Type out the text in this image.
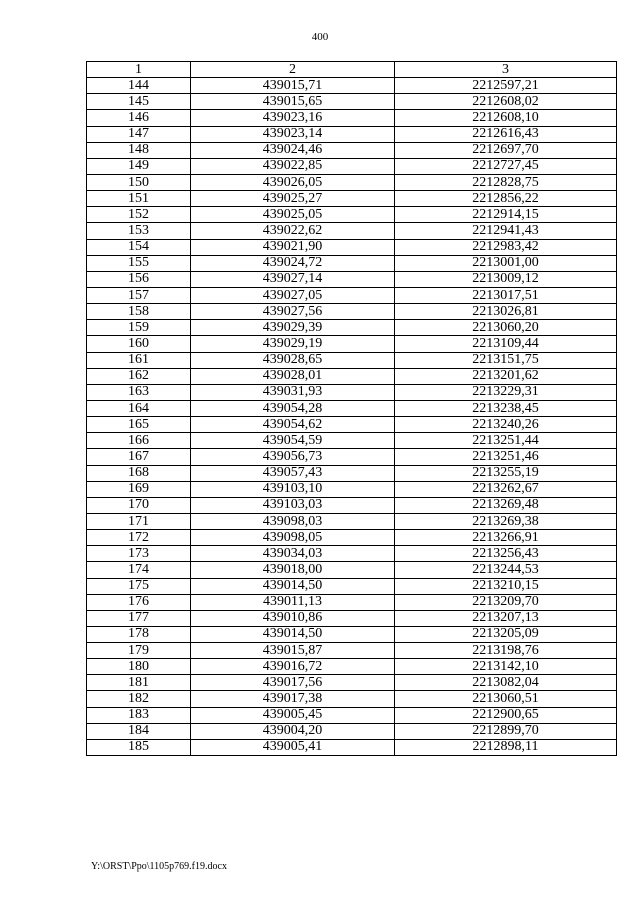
400
1	2	3
144	439015,71	2212597,21
145	439015,65	2212608,02
146	439023,16	2212608,10
147	439023,14	2212616,43
148	439024,46	2212697,70
149	439022,85	2212727,45
150	439026,05	2212828,75
151	439025,27	2212856,22
152	439025,05	2212914,15
153	439022,62	2212941,43
154	439021,90	2212983,42
155	439024,72	2213001,00
156	439027,14	2213009,12
157	439027,05	2213017,51
158	439027,56	2213026,81
159	439029,39	2213060,20
160	439029,19	2213109,44
161	439028,65	2213151,75
162	439028,01	2213201,62
163	439031,93	2213229,31
164	439054,28	2213238,45
165	439054,62	2213240,26
166	439054,59	2213251,44
167	439056,73	2213251,46
168	439057,43	2213255,19
169	439103,10	2213262,67
170	439103,03	2213269,48
171	439098,03	2213269,38
172	439098,05	2213266,91
173	439034,03	2213256,43
174	439018,00	2213244,53
175	439014,50	2213210,15
176	439011,13	2213209,70
177	439010,86	2213207,13
178	439014,50	2213205,09
179	439015,87	2213198,76
180	439016,72	2213142,10
181	439017,56	2213082,04
182	439017,38	2213060,51
183	439005,45	2212900,65
184	439004,20	2212899,70
185	439005,41	2212898,11
Y:\ORST\Ppo\1105p769.f19.docx
